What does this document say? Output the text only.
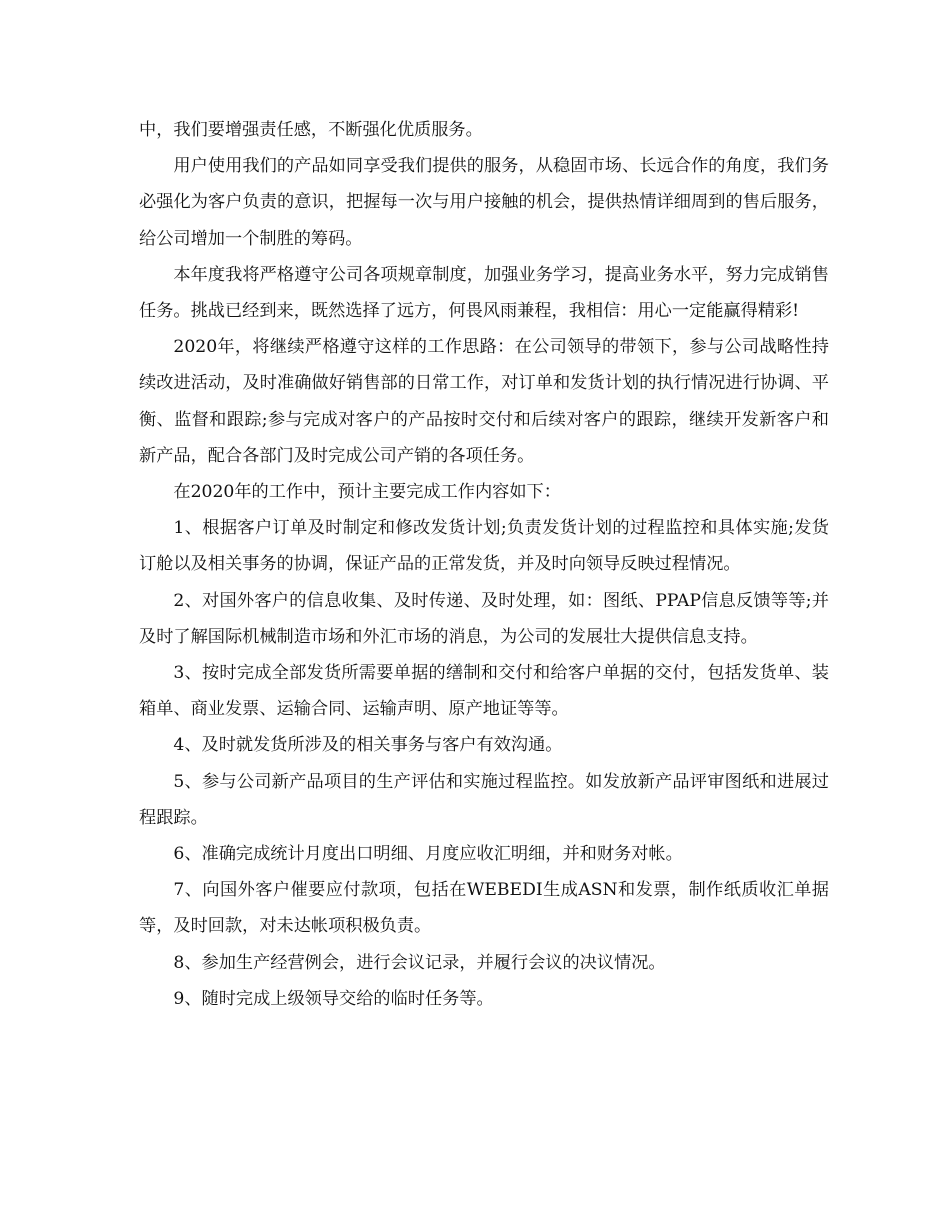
中，我们要增强责任感，不断强化优质服务。

用户使用我们的产品如同享受我们提供的服务，从稳固市场、长远合作的角度，我们务必强化为客户负责的意识，把握每一次与用户接触的机会，提供热情详细周到的售后服务，给公司增加一个制胜的筹码。

本年度我将严格遵守公司各项规章制度，加强业务学习，提高业务水平，努力完成销售任务。挑战已经到来，既然选择了远方，何畏风雨兼程，我相信：用心一定能赢得精彩!

2020年，将继续严格遵守这样的工作思路：在公司领导的带领下，参与公司战略性持续改进活动，及时准确做好销售部的日常工作，对订单和发货计划的执行情况进行协调、平衡、监督和跟踪;参与完成对客户的产品按时交付和后续对客户的跟踪，继续开发新客户和新产品，配合各部门及时完成公司产销的各项任务。

在2020年的工作中，预计主要完成工作内容如下：

1、根据客户订单及时制定和修改发货计划;负责发货计划的过程监控和具体实施;发货订舱以及相关事务的协调，保证产品的正常发货，并及时向领导反映过程情况。

2、对国外客户的信息收集、及时传递、及时处理，如：图纸、PPAP信息反馈等等;并及时了解国际机械制造市场和外汇市场的消息，为公司的发展壮大提供信息支持。

3、按时完成全部发货所需要单据的缮制和交付和给客户单据的交付，包括发货单、装箱单、商业发票、运输合同、运输声明、原产地证等等。

4、及时就发货所涉及的相关事务与客户有效沟通。

5、参与公司新产品项目的生产评估和实施过程监控。如发放新产品评审图纸和进展过程跟踪。

6、准确完成统计月度出口明细、月度应收汇明细，并和财务对帐。

7、向国外客户催要应付款项，包括在WEBEDI生成ASN和发票，制作纸质收汇单据等，及时回款，对未达帐项积极负责。

8、参加生产经营例会，进行会议记录，并履行会议的决议情况。

9、随时完成上级领导交给的临时任务等。
